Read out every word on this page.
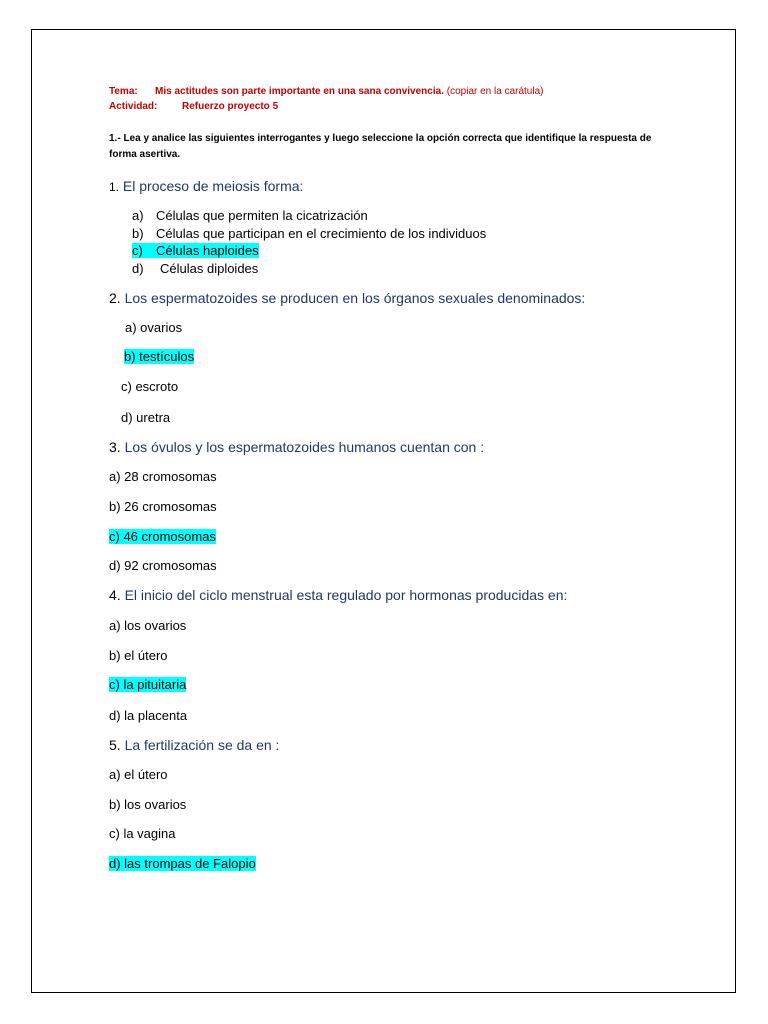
Tema: Mis actitudes son parte importante en una sana convivencia. (copiar en la carátula)
Actividad: Refuerzo proyecto 5
1.- Lea y analice las siguientes interrogantes y luego seleccione la opción correcta que identifique la respuesta de
forma asertiva.
1. El proceso de meiosis forma:
a) Células que permiten la cicatrización
b) Células que participan en el crecimiento de los individuos
c) Células haploides
d) Células diploides
2. Los espermatozoides se producen en los órganos sexuales denominados:
a) ovarios
b) testículos
c) escroto
d) uretra
3. Los óvulos y los espermatozoides humanos cuentan con :
a) 28 cromosomas
b) 26 cromosomas
c) 46 cromosomas
d) 92 cromosomas
4. El inicio del ciclo menstrual esta regulado por hormonas producidas en:
a) los ovarios
b) el útero
c) la pituitaria
d) la placenta
5. La fertilización se da en :
a) el útero
b) los ovarios
c) la vagina
d) las trompas de Falopio
